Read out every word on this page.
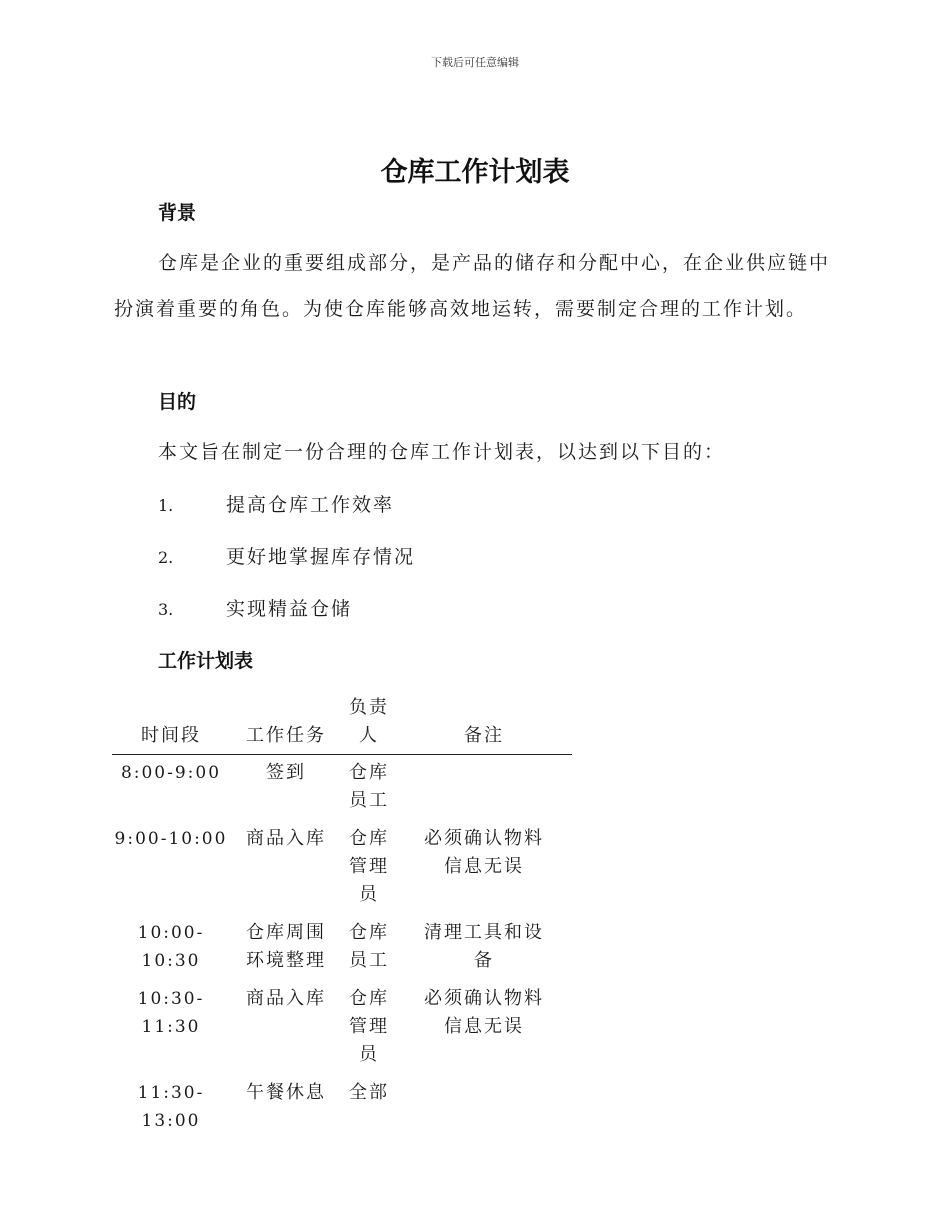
下载后可任意编辑
仓库工作计划表
背景
仓库是企业的重要组成部分，是产品的储存和分配中心，在企业供应链中扮演着重要的角色。为使仓库能够高效地运转，需要制定合理的工作计划。
目的
本文旨在制定一份合理的仓库工作计划表，以达到以下目的：
1.	提高仓库工作效率
2.	更好地掌握库存情况
3.	实现精益仓储
工作计划表
时间段	工作任务	负责人	备注
8:00-9:00	签到	仓库员工	

9:00-10:00	商品入库	仓库管理员	必须确认物料信息无误

10:00-10:30	仓库周围环境整理	仓库员工	清理工具和设备

10:30-11:30	商品入库	仓库管理员	必须确认物料信息无误

11:30-13:00	午餐休息	全部	
